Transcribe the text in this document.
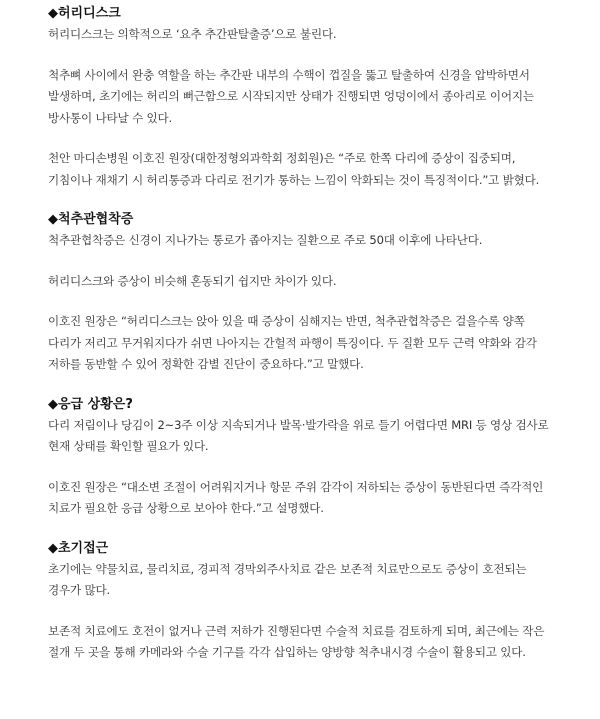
◆허리디스크

허리디스크는 의학적으로 ‘요추 추간판탈출증’으로 불린다.

척추뼈 사이에서 완충 역할을 하는 추간판 내부의 수핵이 껍질을 뚫고 탈출하여 신경을 압박하면서 발생하며, 초기에는 허리의 뻐근함으로 시작되지만 상태가 진행되면 엉덩이에서 종아리로 이어지는 방사통이 나타날 수 있다.

천안 마디손병원 이호진 원장(대한정형외과학회 정회원)은 “주로 한쪽 다리에 증상이 집중되며, 기침이나 재채기 시 허리통증과 다리로 전기가 통하는 느낌이 악화되는 것이 특징적이다.”고 밝혔다.

◆척추관협착증

척추관협착증은 신경이 지나가는 통로가 좁아지는 질환으로 주로 50대 이후에 나타난다.

허리디스크와 증상이 비슷해 혼동되기 쉽지만 차이가 있다.

이호진 원장은 “허리디스크는 앉아 있을 때 증상이 심해지는 반면, 척추관협착증은 걸을수록 양쪽 다리가 저리고 무거워지다가 쉬면 나아지는 간헐적 파행이 특징이다. 두 질환 모두 근력 약화와 감각 저하를 동반할 수 있어 정확한 감별 진단이 중요하다.”고 말했다.

◆응급 상황은?

다리 저림이나 당김이 2~3주 이상 지속되거나 발목·발가락을 위로 들기 어렵다면 MRI 등 영상 검사로 현재 상태를 확인할 필요가 있다.

이호진 원장은 “대소변 조절이 어려워지거나 항문 주위 감각이 저하되는 증상이 동반된다면 즉각적인 치료가 필요한 응급 상황으로 보아야 한다.”고 설명했다.

◆초기접근

초기에는 약물치료, 물리치료, 경피적 경막외주사치료 같은 보존적 치료만으로도 증상이 호전되는 경우가 많다.

보존적 치료에도 호전이 없거나 근력 저하가 진행된다면 수술적 치료를 검토하게 되며, 최근에는 작은 절개 두 곳을 통해 카메라와 수술 기구를 각각 삽입하는 양방향 척추내시경 수술이 활용되고 있다.
